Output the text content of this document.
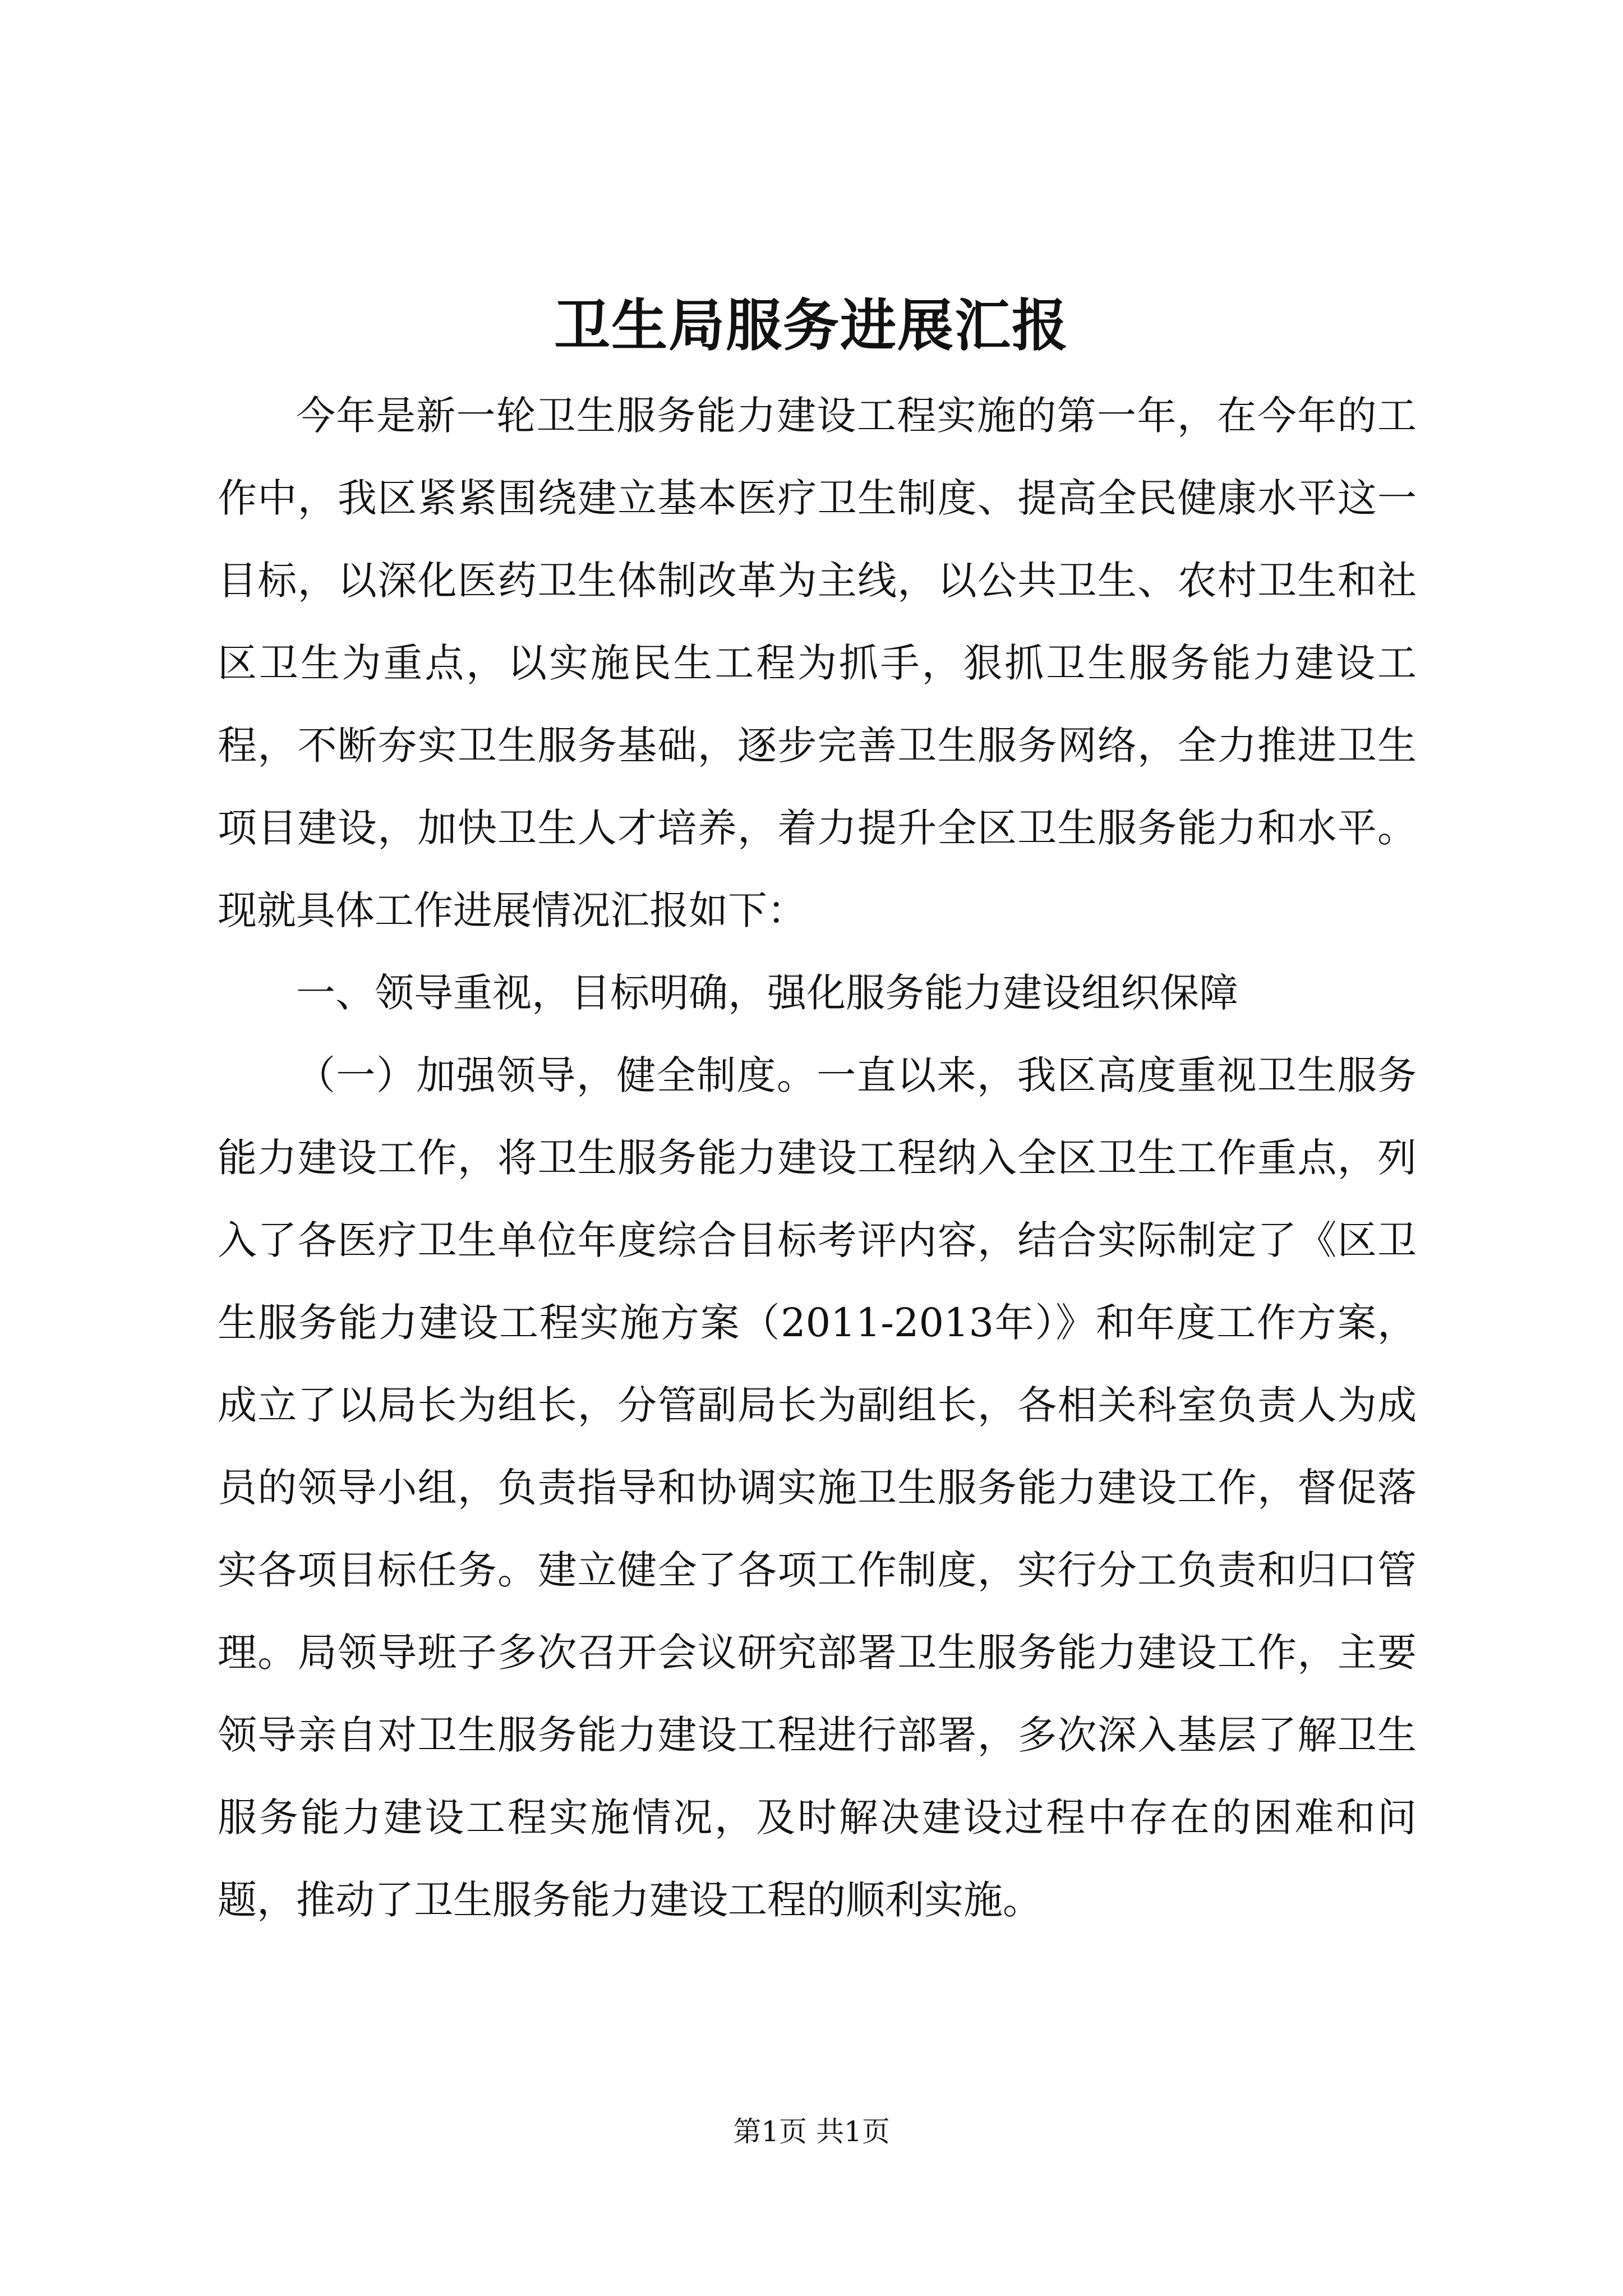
卫生局服务进展汇报

今年是新一轮卫生服务能力建设工程实施的第一年，在今年的工作中，我区紧紧围绕建立基本医疗卫生制度、提高全民健康水平这一目标，以深化医药卫生体制改革为主线，以公共卫生、农村卫生和社区卫生为重点，以实施民生工程为抓手，狠抓卫生服务能力建设工程，不断夯实卫生服务基础，逐步完善卫生服务网络，全力推进卫生项目建设，加快卫生人才培养，着力提升全区卫生服务能力和水平。现就具体工作进展情况汇报如下：

一、领导重视，目标明确，强化服务能力建设组织保障

（一）加强领导，健全制度。一直以来，我区高度重视卫生服务能力建设工作，将卫生服务能力建设工程纳入全区卫生工作重点，列入了各医疗卫生单位年度综合目标考评内容，结合实际制定了《区卫生服务能力建设工程实施方案（2011-2013年）》和年度工作方案，成立了以局长为组长，分管副局长为副组长，各相关科室负责人为成员的领导小组，负责指导和协调实施卫生服务能力建设工作，督促落实各项目标任务。建立健全了各项工作制度，实行分工负责和归口管理。局领导班子多次召开会议研究部署卫生服务能力建设工作，主要领导亲自对卫生服务能力建设工程进行部署，多次深入基层了解卫生服务能力建设工程实施情况，及时解决建设过程中存在的困难和问题，推动了卫生服务能力建设工程的顺利实施。

第1页 共1页
